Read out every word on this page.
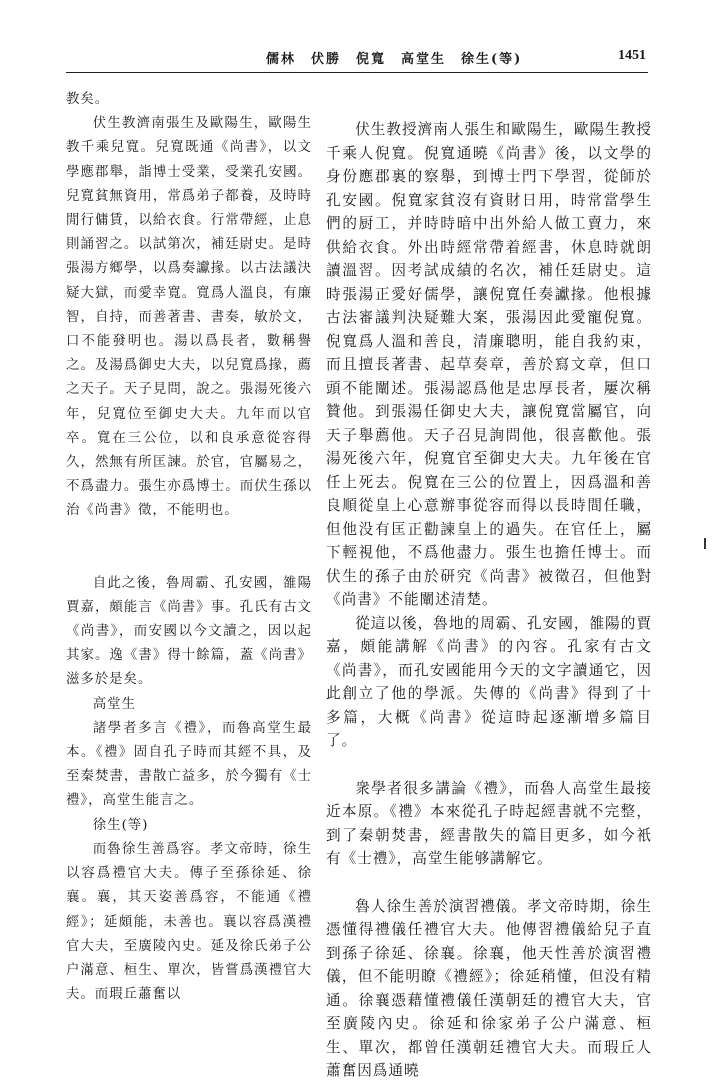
儒林　伏勝　倪寬　高堂生　徐生(等)	1451

教矣。

伏生教濟南張生及歐陽生，歐陽生教千乘兒寬。兒寬既通《尚書》，以文學應郡舉，詣博士受業，受業孔安國。兒寬貧無資用，常爲弟子都養，及時時閒行傭賃，以給衣食。行常帶經，止息則誦習之。以試第次，補廷尉史。是時張湯方鄉學，以爲奏讞掾。以古法議決疑大獄，而愛幸寬。寬爲人溫良，有廉智，自持，而善著書、書奏，敏於文，口不能發明也。湯以爲長者，數稱譽之。及湯爲御史大夫，以兒寬爲掾，薦之天子。天子見問，說之。張湯死後六年，兒寬位至御史大夫。九年而以官卒。寬在三公位，以和良承意從容得久，然無有所匡諫。於官，官屬易之，不爲盡力。張生亦爲博士。而伏生孫以治《尚書》徵，不能明也。

自此之後，魯周霸、孔安國，雒陽賈嘉，頗能言《尚書》事。孔氏有古文《尚書》，而安國以今文讀之，因以起其家。逸《書》得十餘篇，蓋《尚書》滋多於是矣。

高堂生

諸學者多言《禮》，而魯高堂生最本。《禮》固自孔子時而其經不具，及至秦焚書，書散亡益多，於今獨有《士禮》，高堂生能言之。

徐生(等)

而魯徐生善爲容。孝文帝時，徐生以容爲禮官大夫。傳子至孫徐延、徐襄。襄，其天姿善爲容，不能通《禮經》；延頗能，未善也。襄以容爲漢禮官大夫，至廣陵內史。延及徐氏弟子公户滿意、桓生、單次，皆嘗爲漢禮官大夫。而瑕丘蕭奮以

伏生教授濟南人張生和歐陽生，歐陽生教授千乘人倪寬。倪寬通曉《尚書》後，以文學的身份應郡裏的察舉，到博士門下學習，從師於孔安國。倪寬家貧沒有資財日用，時常當學生們的厨工，并時時暗中出外給人做工賣力，來供給衣食。外出時經常帶着經書，休息時就朗讀溫習。因考試成績的名次，補任廷尉史。這時張湯正愛好儒學，讓倪寬任奏讞掾。他根據古法審議判決疑難大案，張湯因此愛寵倪寬。倪寬爲人溫和善良，清廉聰明，能自我約束，而且擅長著書、起草奏章，善於寫文章，但口頭不能闡述。張湯認爲他是忠厚長者，屢次稱贊他。到張湯任御史大夫，讓倪寬當屬官，向天子舉薦他。天子召見詢問他，很喜歡他。張湯死後六年，倪寬官至御史大夫。九年後在官任上死去。倪寬在三公的位置上，因爲溫和善良順從皇上心意辦事從容而得以長時間任職，但他没有匡正勸諫皇上的過失。在官任上，屬下輕視他，不爲他盡力。張生也擔任博士。而伏生的孫子由於研究《尚書》被徵召，但他對《尚書》不能闡述清楚。

從這以後，魯地的周霸、孔安國，雒陽的賈嘉，頗能講解《尚書》的內容。孔家有古文《尚書》，而孔安國能用今天的文字讀通它，因此創立了他的學派。失傳的《尚書》得到了十多篇，大概《尚書》從這時起逐漸增多篇目了。

衆學者很多講論《禮》，而魯人高堂生最接近本原。《禮》本來從孔子時起經書就不完整，到了秦朝焚書，經書散失的篇目更多，如今衹有《士禮》，高堂生能够講解它。

魯人徐生善於演習禮儀。孝文帝時期，徐生憑懂得禮儀任禮官大夫。他傳習禮儀給兒子直到孫子徐延、徐襄。徐襄，他天性善於演習禮儀，但不能明瞭《禮經》；徐延稍懂，但没有精通。徐襄憑藉懂禮儀任漢朝廷的禮官大夫，官至廣陵內史。徐延和徐家弟子公户滿意、桓生、單次，都曾任漢朝廷禮官大夫。而瑕丘人蕭奮因爲通曉
